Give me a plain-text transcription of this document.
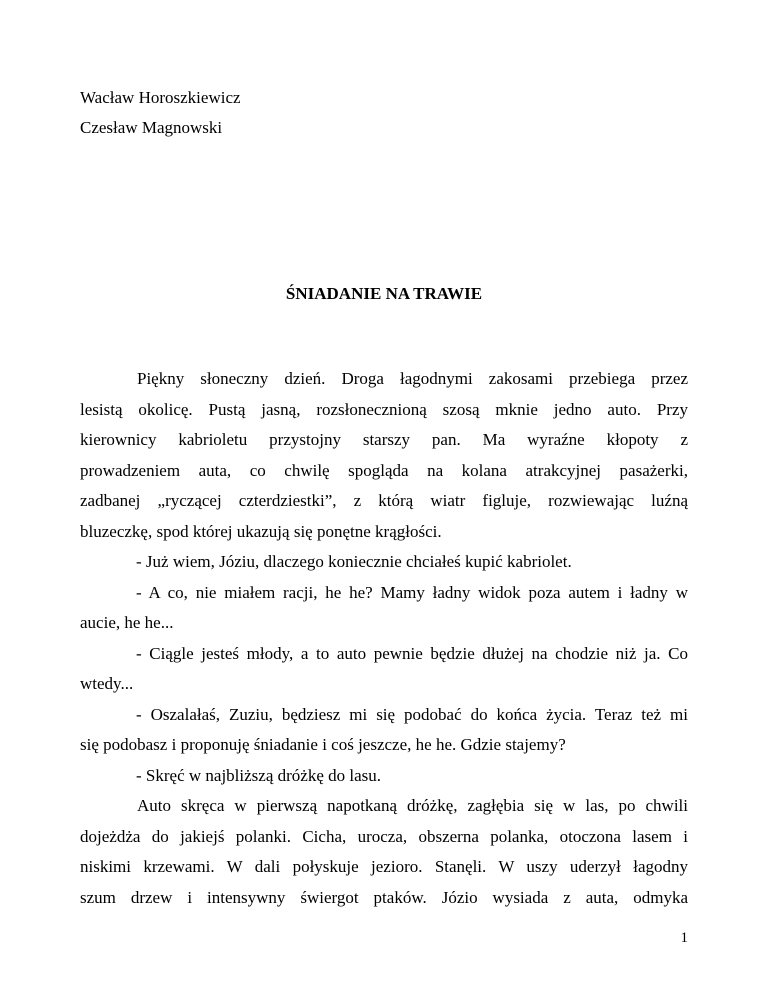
Wacław Horoszkiewicz
Czesław Magnowski
ŚNIADANIE NA TRAWIE

Piękny słoneczny dzień. Droga łagodnymi zakosami przebiega przez

lesistą okolicę. Pustą jasną, rozsłonecznioną szosą mknie jedno auto. Przy

kierownicy kabrioletu przystojny starszy pan. Ma wyraźne kłopoty z

prowadzeniem auta, co chwilę spogląda na kolana atrakcyjnej pasażerki,

zadbanej „ryczącej czterdziestki”, z którą wiatr figluje, rozwiewając luźną

bluzeczkę, spod której ukazują się ponętne krągłości.

- Już wiem, Józiu, dlaczego koniecznie chciałeś kupić kabriolet.

- A co, nie miałem racji, he he? Mamy ładny widok poza autem i ładny w

aucie, he he...

- Ciągle jesteś młody, a to auto pewnie będzie dłużej na chodzie niż ja. Co

wtedy...

- Oszalałaś, Zuziu, będziesz mi się podobać do końca życia. Teraz też mi

się podobasz i proponuję śniadanie i coś jeszcze, he he. Gdzie stajemy?

- Skręć w najbliższą dróżkę do lasu.

Auto skręca w pierwszą napotkaną dróżkę, zagłębia się w las, po chwili

dojeżdża do jakiejś polanki. Cicha, urocza, obszerna polanka, otoczona lasem i

niskimi krzewami. W dali połyskuje jezioro. Stanęli. W uszy uderzył łagodny

szum drzew i intensywny świergot ptaków. Józio wysiada z auta, odmyka

1
